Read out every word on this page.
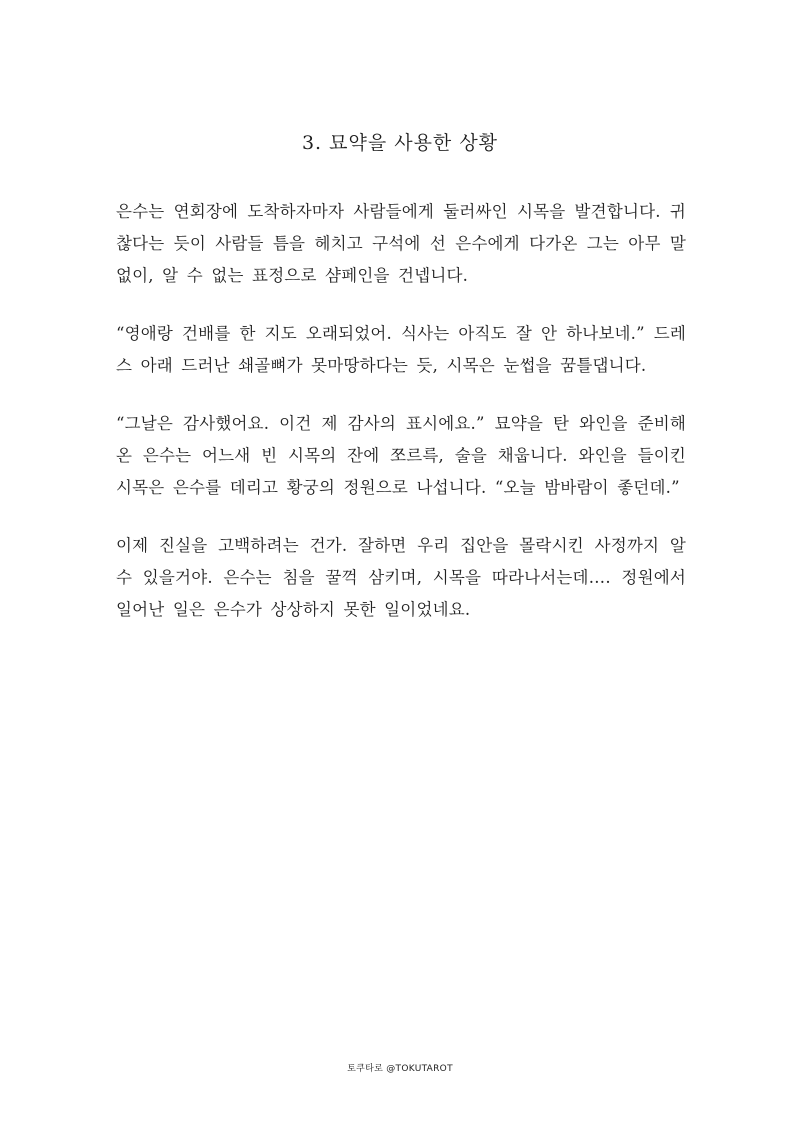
3. 묘약을 사용한 상황

은수는 연회장에 도착하자마자 사람들에게 둘러싸인 시목을 발견합니다. 귀찮다는 듯이 사람들 틈을 헤치고 구석에 선 은수에게 다가온 그는 아무 말 없이, 알 수 없는 표정으로 샴페인을 건넵니다.

“영애랑 건배를 한 지도 오래되었어. 식사는 아직도 잘 안 하나보네.” 드레스 아래 드러난 쇄골뼈가 못마땅하다는 듯, 시목은 눈썹을 꿈틀댑니다.

“그날은 감사했어요. 이건 제 감사의 표시에요.” 묘약을 탄 와인을 준비해온 은수는 어느새 빈 시목의 잔에 쪼르륵, 술을 채웁니다. 와인을 들이킨 시목은 은수를 데리고 황궁의 정원으로 나섭니다. “오늘 밤바람이 좋던데.”

이제 진실을 고백하려는 건가. 잘하면 우리 집안을 몰락시킨 사정까지 알 수 있을거야. 은수는 침을 꿀꺽 삼키며, 시목을 따라나서는데…. 정원에서 일어난 일은 은수가 상상하지 못한 일이었네요.

토쿠타로 @TOKUTAROT
